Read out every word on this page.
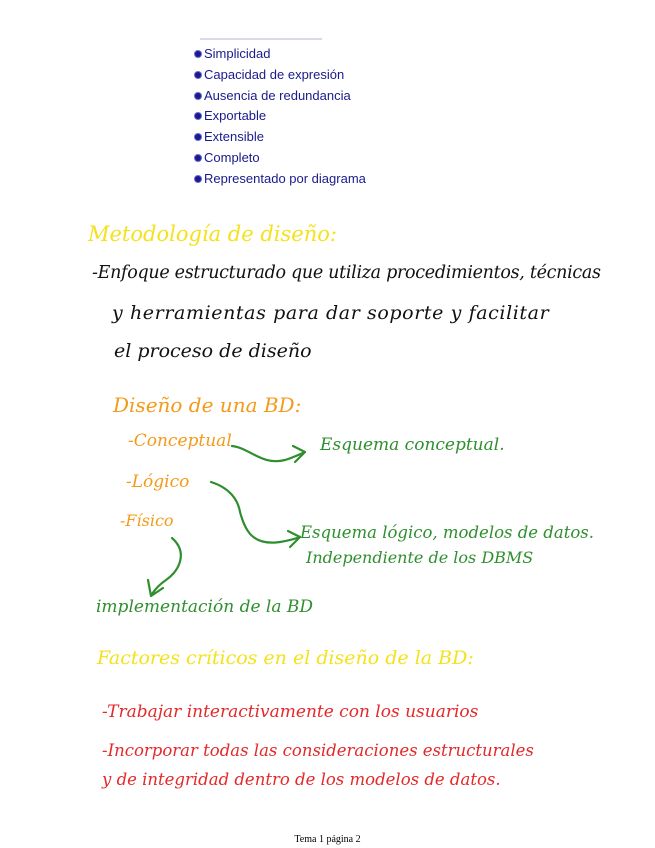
Simplicidad
Capacidad de expresión
Ausencia de redundancia
Exportable
Extensible
Completo
Representado por diagrama

Metodología de diseño:

-Enfoque estructurado que utiliza procedimientos, técnicas

y herramientas para dar soporte y facilitar

el proceso de diseño

Diseño de una BD:

-Conceptual

-Lógico

-Físico

Esquema conceptual.

Esquema lógico, modelos de datos.

Independiente de los DBMS

implementación de la BD

Factores críticos en el diseño de la BD:

-Trabajar interactivamente con los usuarios

-Incorporar todas las consideraciones estructurales

y de integridad dentro de los modelos de datos.

Tema 1 página 2
